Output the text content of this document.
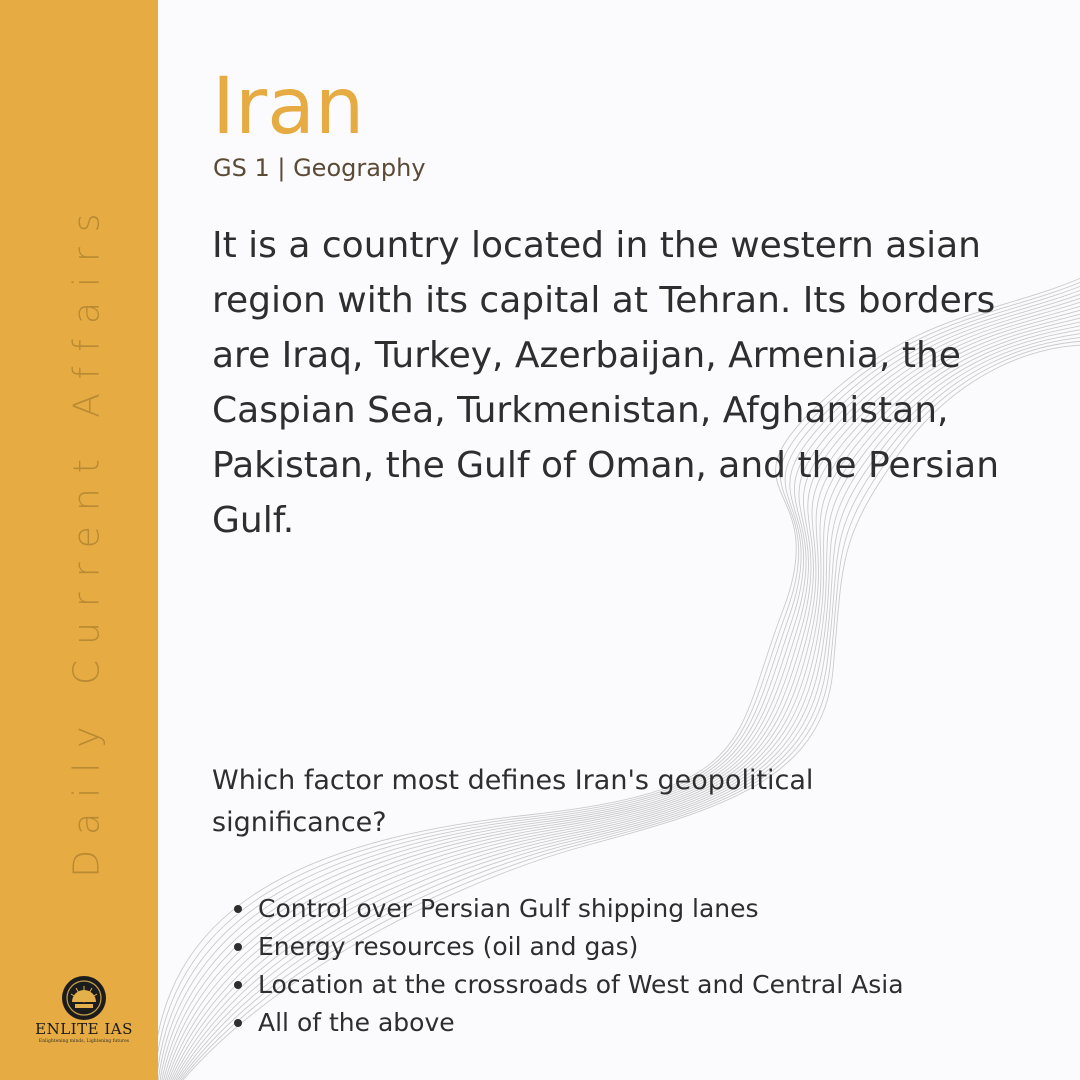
Daily Current Affairs
ENLITE IAS
Enlightening minds, Lightening futures
Iran
GS 1 | Geography
It is a country located in the western asian region with its capital at Tehran. Its borders are Iraq, Turkey, Azerbaijan, Armenia, the Caspian Sea, Turkmenistan, Afghanistan, Pakistan, the Gulf of Oman, and the Persian Gulf.
Which factor most defines Iran's geopolitical significance?
Control over Persian Gulf shipping lanes
Energy resources (oil and gas)
Location at the crossroads of West and Central Asia
All of the above
